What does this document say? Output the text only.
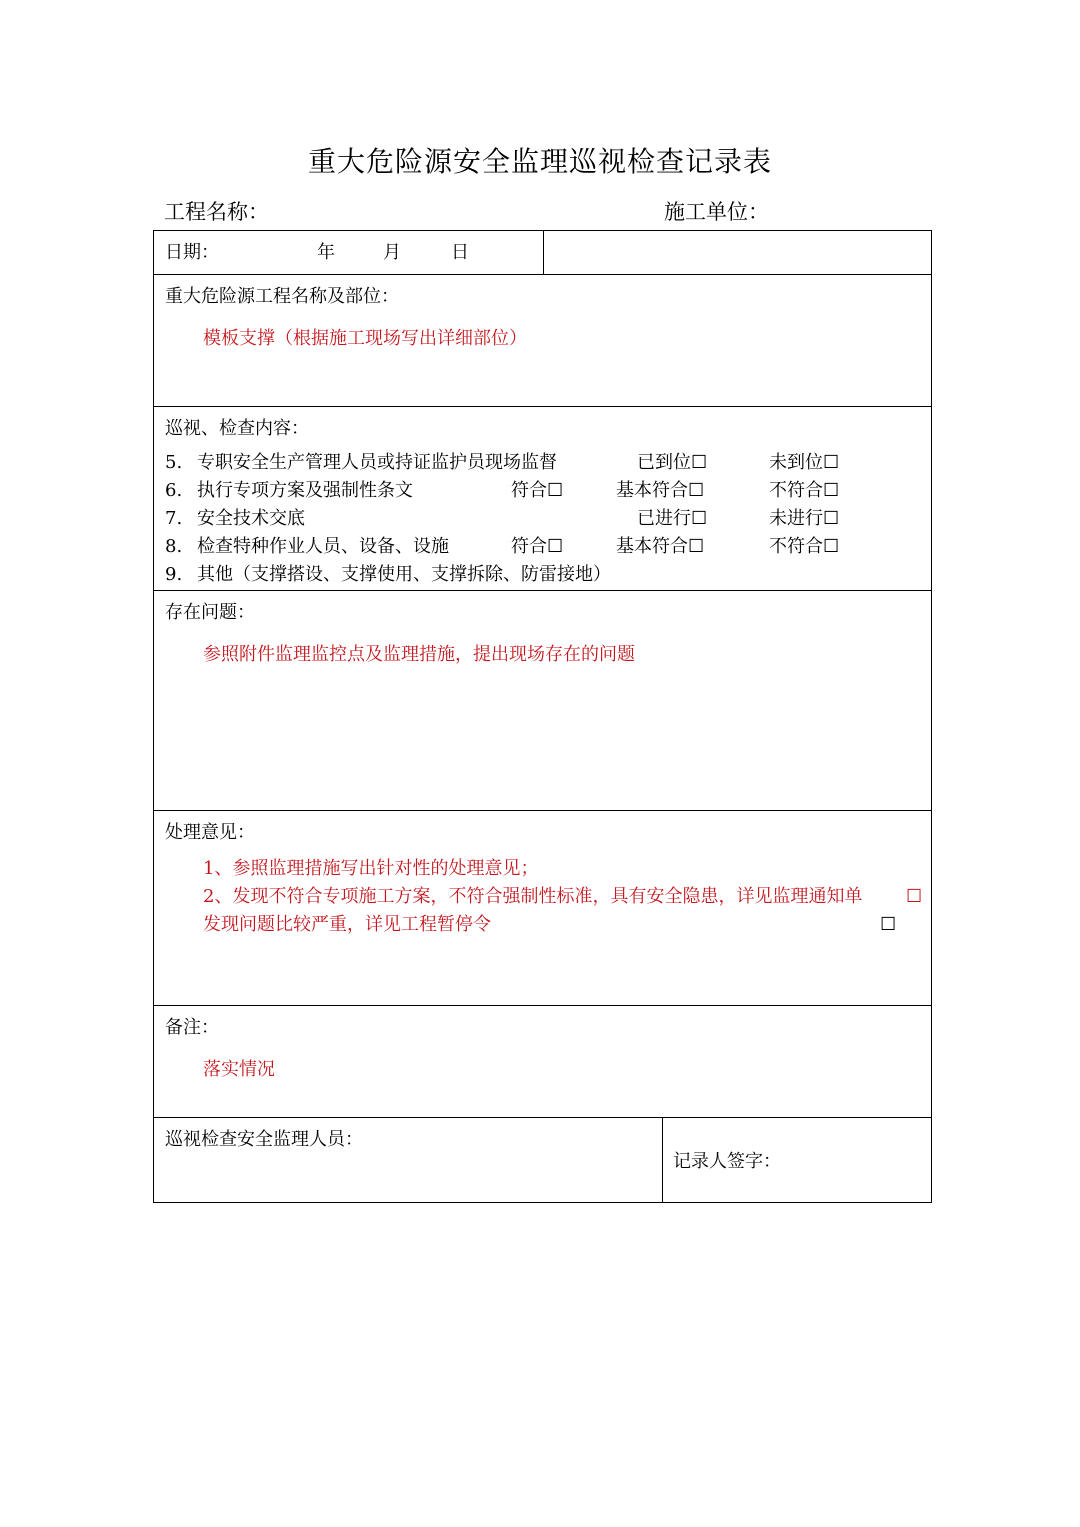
重大危险源安全监理巡视检查记录表
工程名称：	施工单位：
日期：	年	月	日
重大危险源工程名称及部位：
模板支撑（根据施工现场写出详细部位）
巡视、检查内容：
5. 专职安全生产管理人员或持证监护员现场监督	已到位☐	未到位☐
6. 执行专项方案及强制性条文	符合☐	基本符合☐	不符合☐
7. 安全技术交底	已进行☐	未进行☐
8. 检查特种作业人员、设备、设施	符合☐	基本符合☐	不符合☐
9. 其他（支撑搭设、支撑使用、支撑拆除、防雷接地）
存在问题：
参照附件监理监控点及监理措施，提出现场存在的问题
处理意见：
1、参照监理措施写出针对性的处理意见；
2、发现不符合专项施工方案，不符合强制性标准，具有安全隐患，详见监理通知单 ☐
发现问题比较严重，详见工程暂停令	☐
备注：
落实情况
巡视检查安全监理人员：
记录人签字：
